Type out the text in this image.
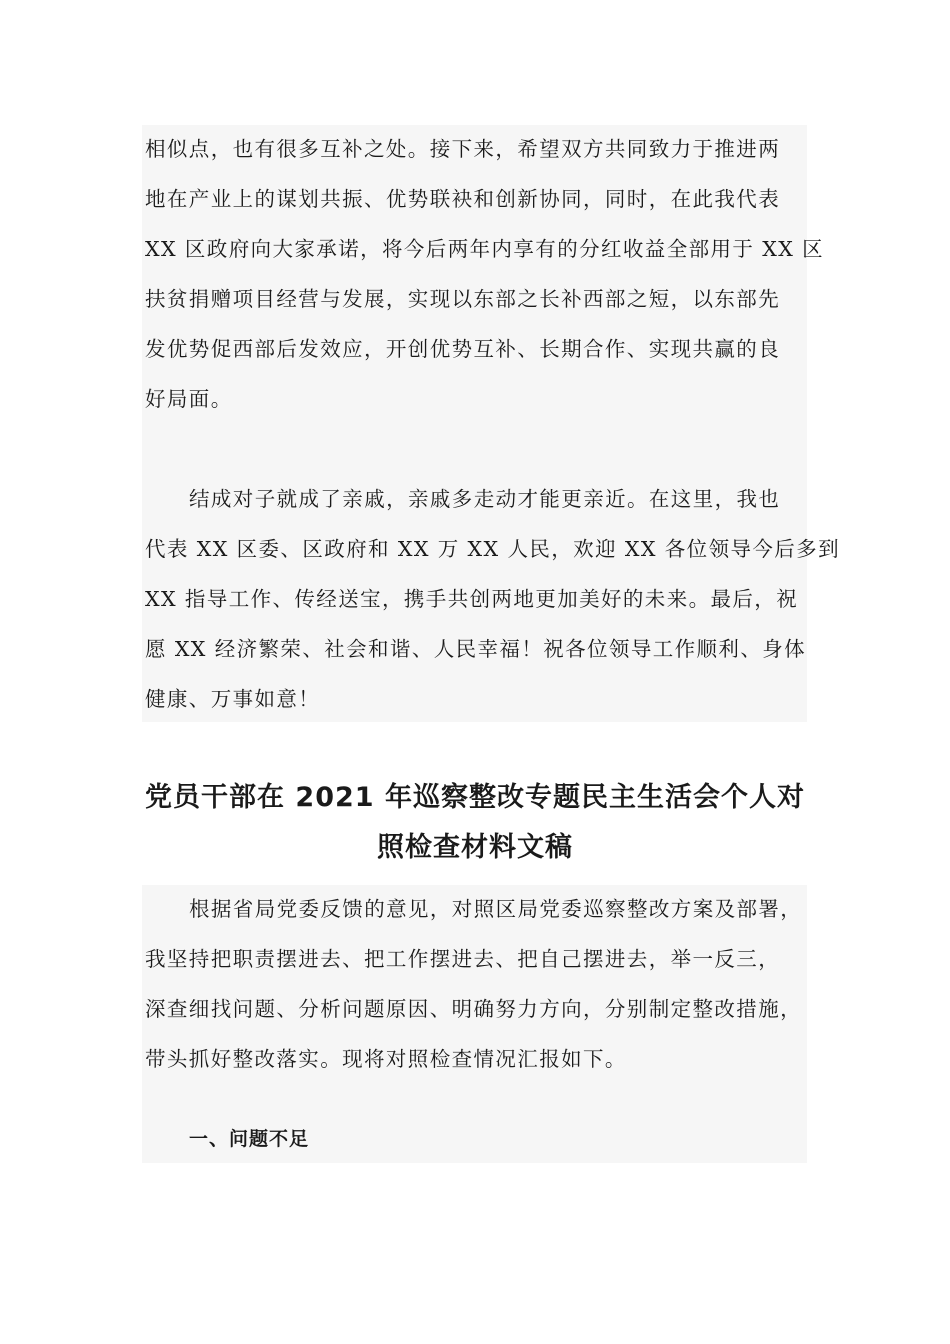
相似点，也有很多互补之处。接下来，希望双方共同致力于推进两
地在产业上的谋划共振、优势联袂和创新协同，同时，在此我代表
XX 区政府向大家承诺，将今后两年内享有的分红收益全部用于 XX 区
扶贫捐赠项目经营与发展，实现以东部之长补西部之短，以东部先
发优势促西部后发效应，开创优势互补、长期合作、实现共赢的良
好局面。
结成对子就成了亲戚，亲戚多走动才能更亲近。在这里，我也
代表 XX 区委、区政府和 XX 万 XX 人民，欢迎 XX 各位领导今后多到
XX 指导工作、传经送宝，携手共创两地更加美好的未来。最后，祝
愿 XX 经济繁荣、社会和谐、人民幸福！祝各位领导工作顺利、身体
健康、万事如意！
党员干部在 2021 年巡察整改专题民主生活会个人对
照检查材料文稿
根据省局党委反馈的意见，对照区局党委巡察整改方案及部署，
我坚持把职责摆进去、把工作摆进去、把自己摆进去，举一反三，
深查细找问题、分析问题原因、明确努力方向，分别制定整改措施，
带头抓好整改落实。现将对照检查情况汇报如下。
一、问题不足
